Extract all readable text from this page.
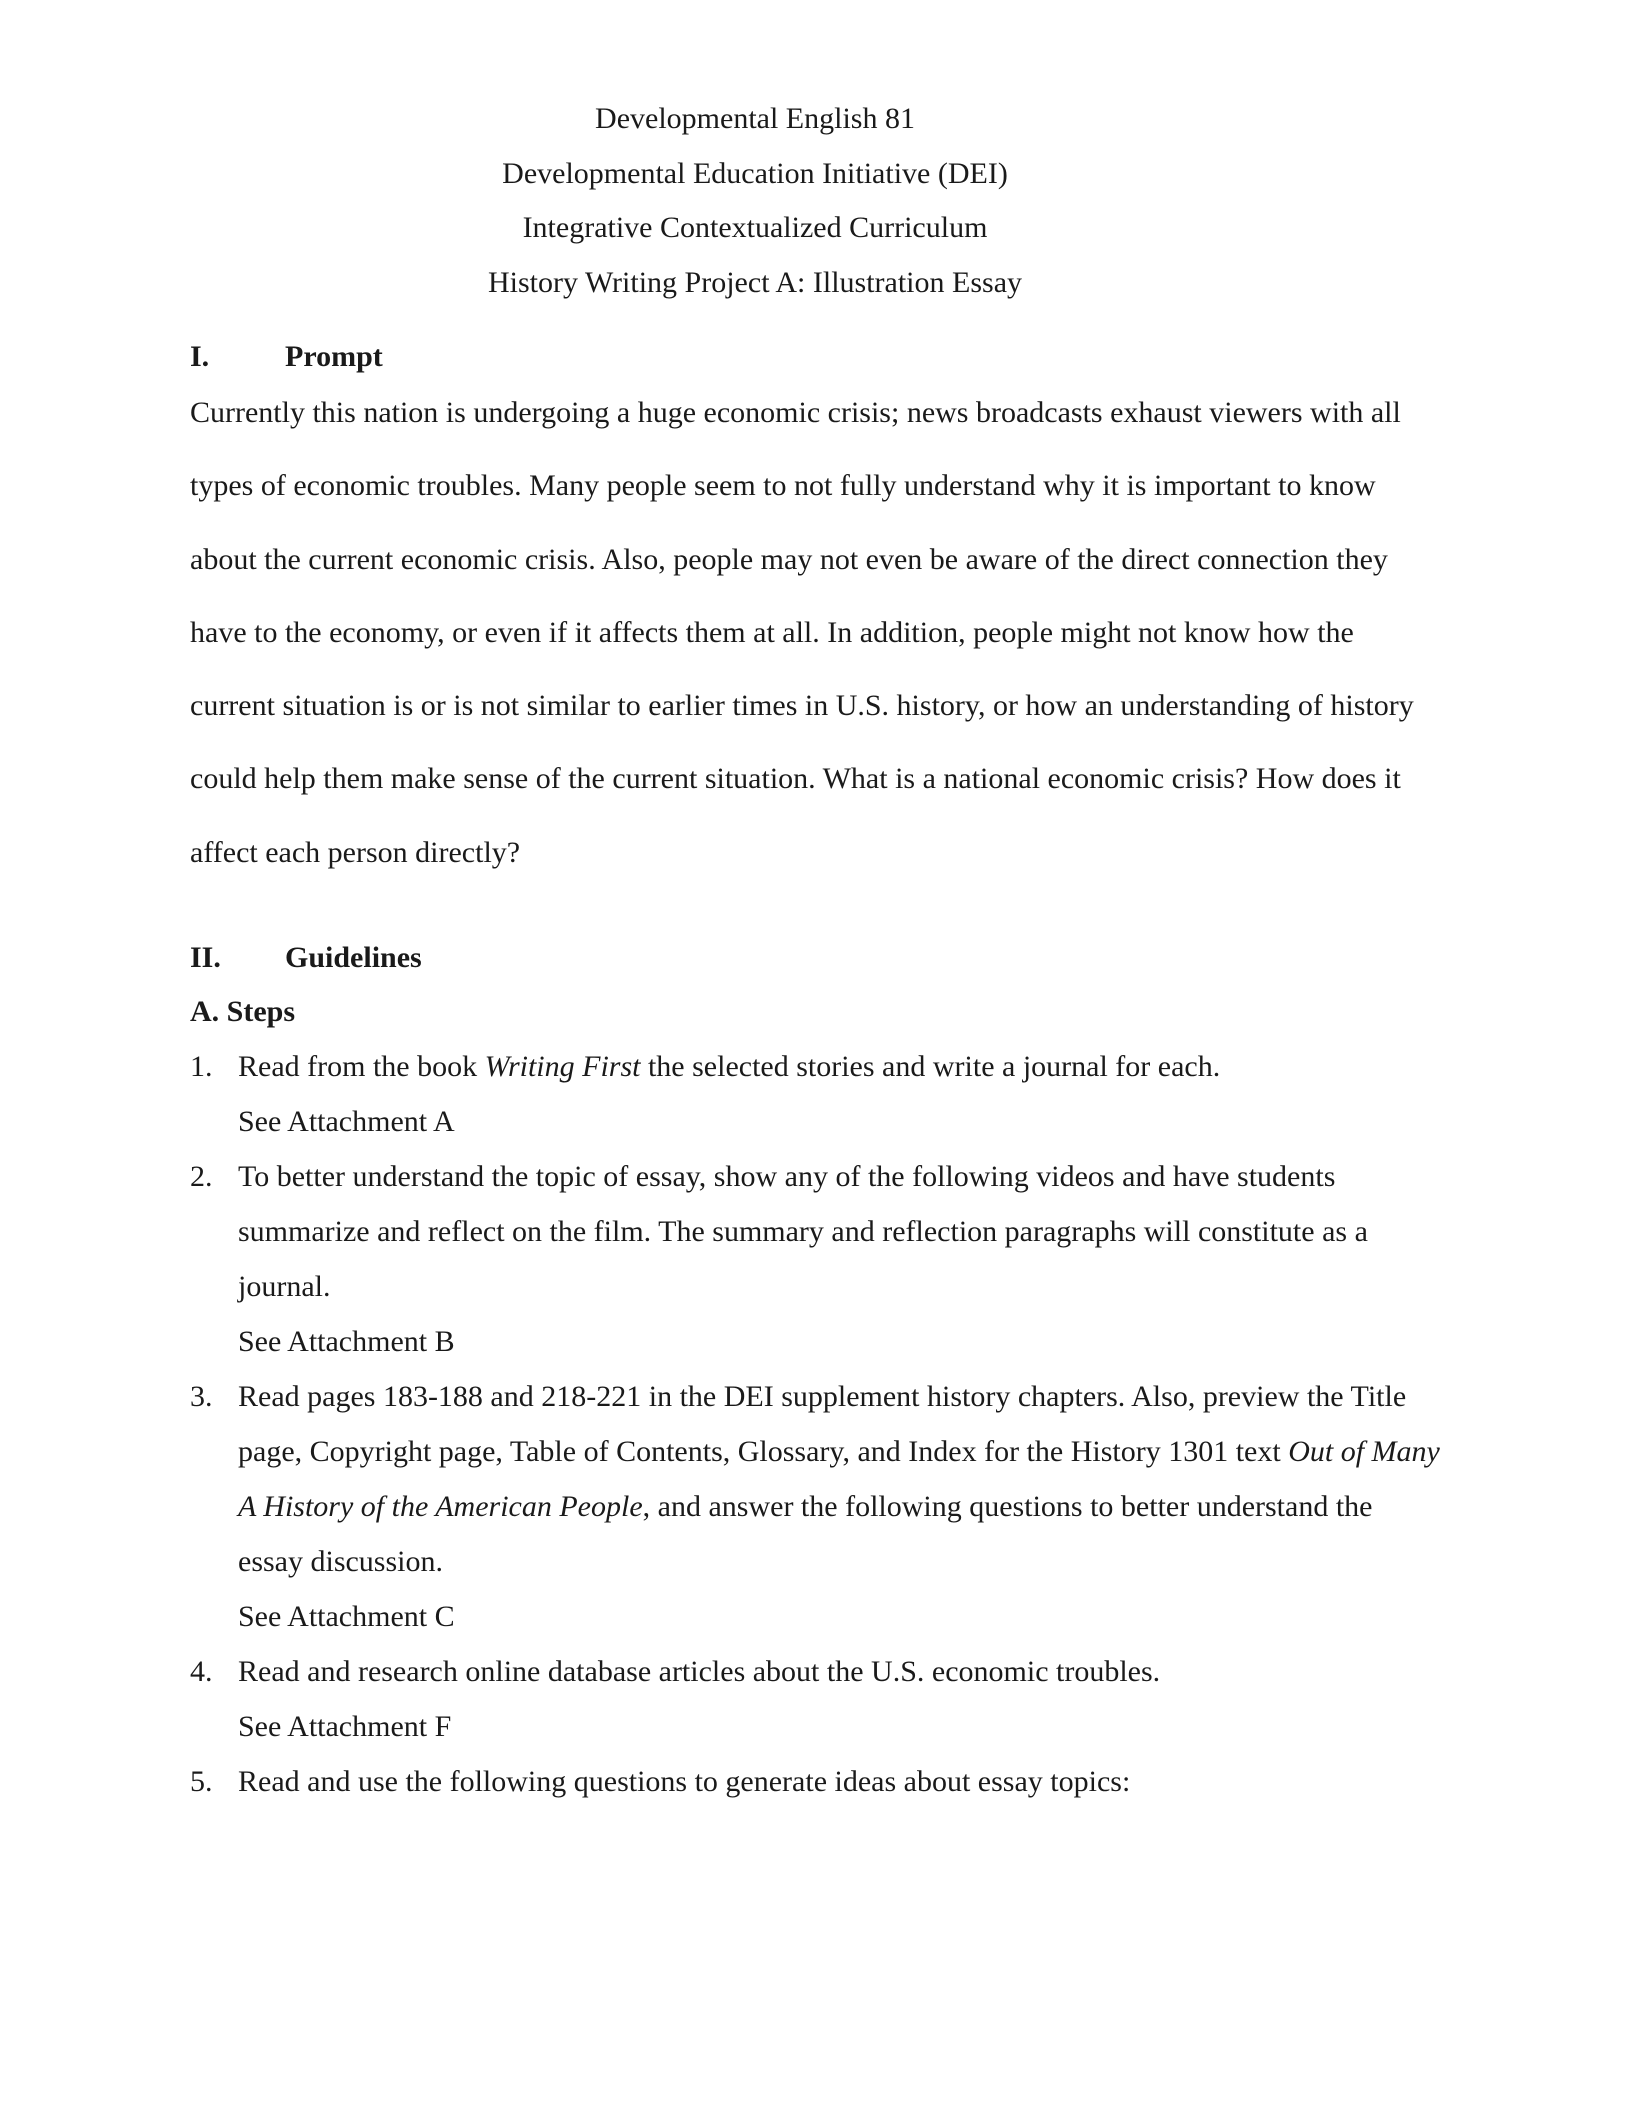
Developmental English 81
Developmental Education Initiative (DEI)
Integrative Contextualized Curriculum
History Writing Project A: Illustration Essay
I.	Prompt

Currently this nation is undergoing a huge economic crisis; news broadcasts exhaust viewers with all types of economic troubles. Many people seem to not fully understand why it is important to know about the current economic crisis. Also, people may not even be aware of the direct connection they have to the economy, or even if it affects them at all. In addition, people might not know how the current situation is or is not similar to earlier times in U.S. history, or how an understanding of history could help them make sense of the current situation. What is a national economic crisis? How does it affect each person directly?

II. Guidelines
A. Steps
1. Read from the book Writing First the selected stories and write a journal for each.
See Attachment A
2. To better understand the topic of essay, show any of the following videos and have students summarize and reflect on the film. The summary and reflection paragraphs will constitute as a journal.
See Attachment B
3. Read pages 183-188 and 218-221 in the DEI supplement history chapters. Also, preview the Title page, Copyright page, Table of Contents, Glossary, and Index for the History 1301 text Out of Many A History of the American People, and answer the following questions to better understand the essay discussion.
See Attachment C
4. Read and research online database articles about the U.S. economic troubles.
See Attachment F
5. Read and use the following questions to generate ideas about essay topics:
